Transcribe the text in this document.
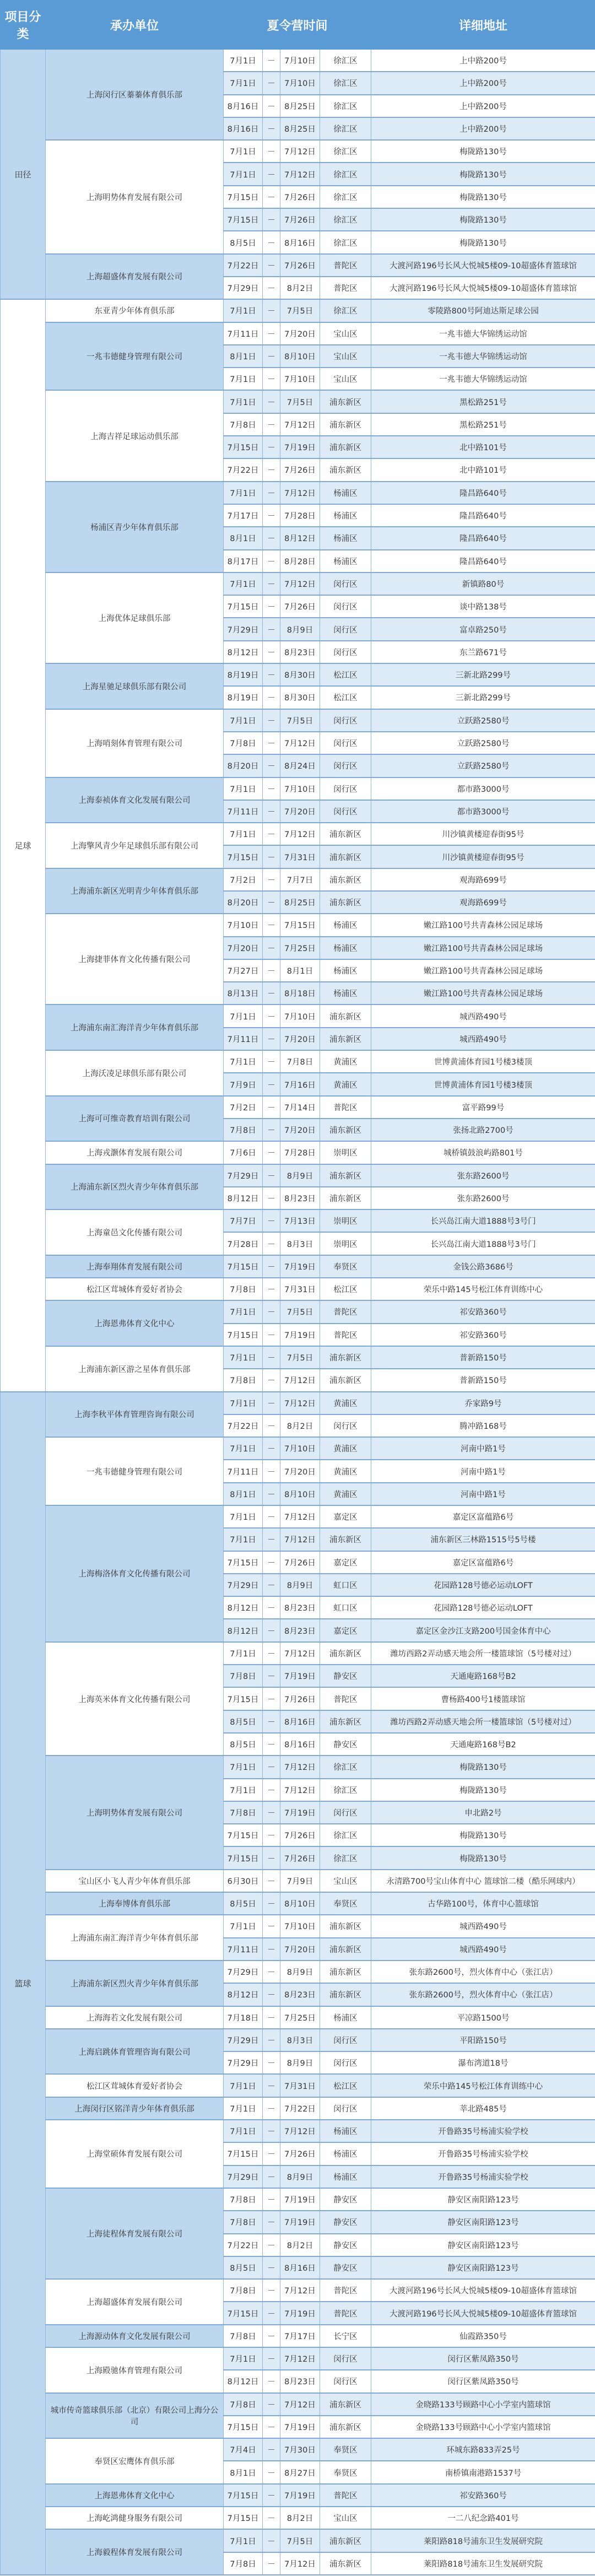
项目分类	承办单位	夏令营时间				详细地址
田径	上海闵行区蓁蓁体育俱乐部	7月1日	－	7月10日	徐汇区	上中路200号
		7月1日	－	7月10日	徐汇区	上中路200号
		8月16日	－	8月25日	徐汇区	上中路200号
		8月16日	－	8月25日	徐汇区	上中路200号
	上海明势体育发展有限公司	7月1日	－	7月12日	徐汇区	梅陇路130号
		7月1日	－	7月12日	徐汇区	梅陇路130号
		7月15日	－	7月26日	徐汇区	梅陇路130号
		7月15日	－	7月26日	徐汇区	梅陇路130号
		8月5日	－	8月16日	徐汇区	梅陇路130号
	上海超盛体育发展有限公司	7月22日	－	7月26日	普陀区	大渡河路196号长风大悦城5楼09-10超盛体育篮球馆
		7月29日	－	8月2日	普陀区	大渡河路196号长风大悦城5楼09-10超盛体育篮球馆
足球	东亚青少年体育俱乐部	7月1日	－	7月5日	徐汇区	零陵路800号阿迪达斯足球公园
	一兆韦德健身管理有限公司	7月11日	－	7月20日	宝山区	一兆韦德大华锦绣运动馆
		8月1日	－	8月10日	宝山区	一兆韦德大华锦绣运动馆
		7月1日	－	7月10日	宝山区	一兆韦德大华锦绣运动馆
	上海吉祥足球运动俱乐部	7月1日	－	7月5日	浦东新区	黑松路251号
		7月8日	－	7月12日	浦东新区	黑松路251号
		7月15日	－	7月19日	浦东新区	北中路101号
		7月22日	－	7月26日	浦东新区	北中路101号
	杨浦区青少年体育俱乐部	7月1日	－	7月12日	杨浦区	隆昌路640号
		7月17日	－	7月28日	杨浦区	隆昌路640号
		8月1日	－	8月12日	杨浦区	隆昌路640号
		8月17日	－	8月28日	杨浦区	隆昌路640号
	上海优体足球俱乐部	7月1日	－	7月12日	闵行区	新镇路80号
		7月15日	－	7月26日	闵行区	谈中路138号
		7月29日	－	8月9日	闵行区	富卓路250号
		8月12日	－	8月23日	闵行区	东兰路671号
	上海星驰足球俱乐部有限公司	8月19日	－	8月30日	松江区	三新北路299号
		8月19日	－	8月30日	松江区	三新北路299号
	上海哨刻体育管理有限公司	7月1日	－	7月5日	闵行区	立跃路2580号
		7月8日	－	7月12日	闵行区	立跃路2580号
		8月20日	－	8月24日	闵行区	立跃路2580号
	上海泰祯体育文化发展有限公司	7月1日	－	7月10日	闵行区	都市路3000号
		7月11日	－	7月20日	闵行区	都市路3000号
	上海擎风青少年足球俱乐部有限公司	7月1日	－	7月12日	浦东新区	川沙镇黄楼迎春街95号
		7月15日	－	7月31日	浦东新区	川沙镇黄楼迎春街95号
	上海浦东新区光明青少年体育俱乐部	7月2日	－	7月7日	浦东新区	观海路699号
		8月20日	－	8月25日	浦东新区	观海路699号
	上海捷菲体育文化传播有限公司	7月10日	－	7月15日	杨浦区	嫩江路100号共青森林公园足球场
		7月20日	－	7月25日	杨浦区	嫩江路100号共青森林公园足球场
		7月27日	－	8月1日	杨浦区	嫩江路100号共青森林公园足球场
		8月13日	－	8月18日	杨浦区	嫩江路100号共青森林公园足球场
	上海浦东南汇海洋青少年体育俱乐部	7月1日	－	7月10日	浦东新区	城西路490号
		7月11日	－	7月20日	浦东新区	城西路490号
	上海沃凌足球俱乐部有限公司	7月1日	－	7月8日	黄浦区	世博黄浦体育园1号楼3楼顶
		7月9日	－	7月16日	黄浦区	世博黄浦体育园1号楼3楼顶
	上海可可维奇教育培训有限公司	7月2日	－	7月14日	普陀区	富平路99号
		7月8日	－	7月20日	浦东新区	张扬北路2700号
	上海戎灏体育发展有限公司	7月6日	－	7月28日	崇明区	城桥镇鼓浪屿路801号
	上海浦东新区烈火青少年体育俱乐部	7月29日	－	8月9日	浦东新区	张东路2600号
		8月12日	－	8月23日	浦东新区	张东路2600号
	上海童邑文化传播有限公司	7月7日	－	7月13日	崇明区	长兴岛江南大道1888号3号门
		7月28日	－	8月3日	崇明区	长兴岛江南大道1888号3号门
	上海奉翔体育发展有限公司	7月15日	－	7月19日	奉贤区	金钱公路3686号
	松江区茸城体育爱好者协会	7月8日	－	7月31日	松江区	荣乐中路145号松江体育训练中心
	上海恩弗体育文化中心	7月1日	－	7月5日	普陀区	祁安路360号
		7月15日	－	7月19日	普陀区	祁安路360号
	上海浦东新区游之星体育俱乐部	7月1日	－	7月5日	浦东新区	普新路150号
		7月8日	－	7月12日	浦东新区	普新路150号
篮球	上海李秋平体育管理咨询有限公司	7月1日	－	7月12日	黄浦区	乔家路9号
		7月22日	－	8月2日	闵行区	腾冲路168号
	一兆韦德健身管理有限公司	7月1日	－	7月10日	黄浦区	河南中路1号
		7月11日	－	7月20日	黄浦区	河南中路1号
		8月1日	－	8月10日	黄浦区	河南中路1号
	上海梅洛体育文化传播有限公司	7月1日	－	7月12日	嘉定区	嘉定区富蕴路6号
		7月1日	－	7月12日	浦东新区	浦东新区三林路1515号5号楼
		7月15日	－	7月26日	嘉定区	嘉定区富蕴路6号
		7月29日	－	8月9日	虹口区	花园路128号德必运动LOFT
		8月12日	－	8月23日	虹口区	花园路128号德必运动LOFT
		8月12日	－	8月23日	嘉定区	嘉定区金沙江支路200号国金体育中心
	上海英米体育文化传播有限公司	7月1日	－	7月12日	浦东新区	潍坊西路2弄动感天地会所一楼篮球馆（5号楼对过）
		7月8日	－	7月19日	静安区	天通庵路168号B2
		7月15日	－	7月26日	普陀区	曹杨路400号1楼篮球馆
		8月5日	－	8月16日	浦东新区	潍坊西路2弄动感天地会所一楼篮球馆（5号楼对过）
		8月5日	－	8月16日	静安区	天通庵路168号B2
	上海明势体育发展有限公司	7月1日	－	7月12日	徐汇区	梅陇路130号
		7月1日	－	7月12日	徐汇区	梅陇路130号
		7月8日	－	7月19日	闵行区	申北路2号
		7月15日	－	7月26日	徐汇区	梅陇路130号
		7月15日	－	7月26日	徐汇区	梅陇路130号
	宝山区小飞人青少年体育俱乐部	6月30日	－	7月9日	宝山区	永清路700号宝山体育中心 篮球馆二楼（酷乐网球内）
	上海奉博体育俱乐部	8月5日	－	8月10日	奉贤区	古华路100号，体育中心篮球馆
	上海浦东南汇海洋青少年体育俱乐部	7月1日	－	7月10日	浦东新区	城西路490号
		7月11日	－	7月20日	浦东新区	城西路490号
	上海浦东新区烈火青少年体育俱乐部	7月29日	－	8月9日	浦东新区	张东路2600号，烈火体育中心（张江店）
		8月12日	－	8月23日	浦东新区	张东路2600号，烈火体育中心（张江店）
	上海海若文化发展有限公司	7月18日	－	7月25日	杨浦区	平凉路1500号
	上海启跳体育管理咨询有限公司	7月29日	－	8月3日	闵行区	平阳路150号
		7月29日	－	8月9日	闵行区	瀑布湾道18号
	松江区茸城体育爱好者协会	7月1日	－	7月31日	松江区	荣乐中路145号松江体育训练中心
	上海闵行区铭洋青少年体育俱乐部	7月1日	－	7月22日	闵行区	莘北路485号
	上海堂硕体育发展有限公司	7月1日	－	7月12日	杨浦区	开鲁路35号杨浦实验学校
		7月15日	－	7月26日	杨浦区	开鲁路35号杨浦实验学校
		7月29日	－	8月9日	杨浦区	开鲁路35号杨浦实验学校
	上海徒程体育发展有限公司	7月8日	－	7月19日	静安区	静安区南阳路123号
		7月8日	－	7月19日	静安区	静安区南阳路123号
		7月22日	－	8月2日	静安区	静安区南阳路123号
		8月5日	－	8月16日	静安区	静安区南阳路123号
	上海超盛体育发展有限公司	7月8日	－	7月12日	普陀区	大渡河路196号长风大悦城5楼09-10超盛体育篮球馆
		7月15日	－	7月19日	普陀区	大渡河路196号长风大悦城5楼09-10超盛体育篮球馆
	上海源动体育文化发展有限公司	7月8日	－	7月17日	长宁区	仙霞路350号
	上海殿驰体育管理有限公司	7月1日	－	7月12日	闵行区	闵行区紫凤路350号
		8月12日	－	8月23日	闵行区	闵行区紫凤路350号
	城市传奇篮球俱乐部（北京）有限公司上海分公司	7月8日	－	7月12日	浦东新区	金晓路133号顾路中心小学室内篮球馆
		7月15日	－	7月19日	浦东新区	金晓路133号顾路中心小学室内篮球馆
	奉贤区宏鹰体育俱乐部	7月4日	－	7月30日	奉贤区	环城东路833弄25号
		8月1日	－	8月27日	奉贤区	南桥镇南港路1537号
	上海恩弗体育文化中心	7月15日	－	7月19日	普陀区	祁安路360号
	上海屹鸿健身服务有限公司	7月15日	－	8月2日	宝山区	一二八纪念路401号
	上海毅程体育发展有限公司	7月1日	－	7月5日	浦东新区	莱阳路818号浦东卫生发展研究院
		7月8日	－	7月12日	浦东新区	莱阳路818号浦东卫生发展研究院
